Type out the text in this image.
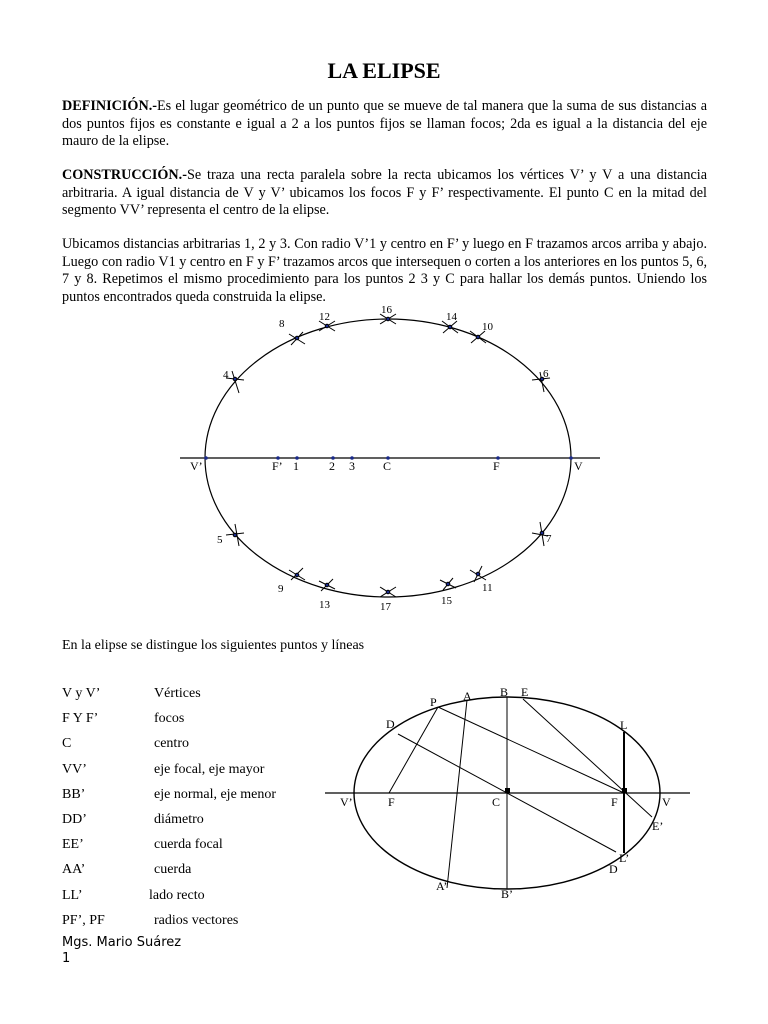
LA ELIPSE
DEFINICIÓN.-Es el lugar geométrico de un punto que se mueve de tal manera que la suma de sus distancias a dos puntos fijos es constante e igual a 2 a los puntos fijos se llaman focos; 2da es igual a la distancia del eje mauro de la elipse.
CONSTRUCCIÓN.-Se traza una recta paralela sobre la recta ubicamos los vértices V’ y V a una distancia arbitraria. A igual distancia de V y V’ ubicamos los focos F y F’ respectivamente. El punto C en la mitad del segmento VV’ representa el centro de la elipse.
Ubicamos distancias arbitrarias 1, 2 y 3. Con radio V’1 y centro en F’ y luego en F trazamos arcos arriba y abajo. Luego con radio V1 y centro en F y F’ trazamos arcos que intersequen o corten a los anteriores en los puntos 5, 6, 7 y 8. Repetimos el mismo procedimiento para los puntos 2 3 y C para hallar los demás puntos. Uniendo los puntos encontrados queda construida la elipse.
V’	F’ 1	2 3 C	F	V
16
12	14
8	10
4	6
5	7
9	11
13	15
17
En la elipse se distingue los siguientes puntos y líneas
V y V’	Vértices
F Y F’	focos
C	centro
VV’	eje focal, eje mayor
BB’	eje normal, eje menor
DD’	diámetro
EE’	cuerda focal
AA’	cuerda
LL’	lado recto
PF’, PF	radios vectores
A B E
P
D	L
V’	F	C	F	V
E’
L’
D
A’
B’
Mgs. Mario Suárez
1
